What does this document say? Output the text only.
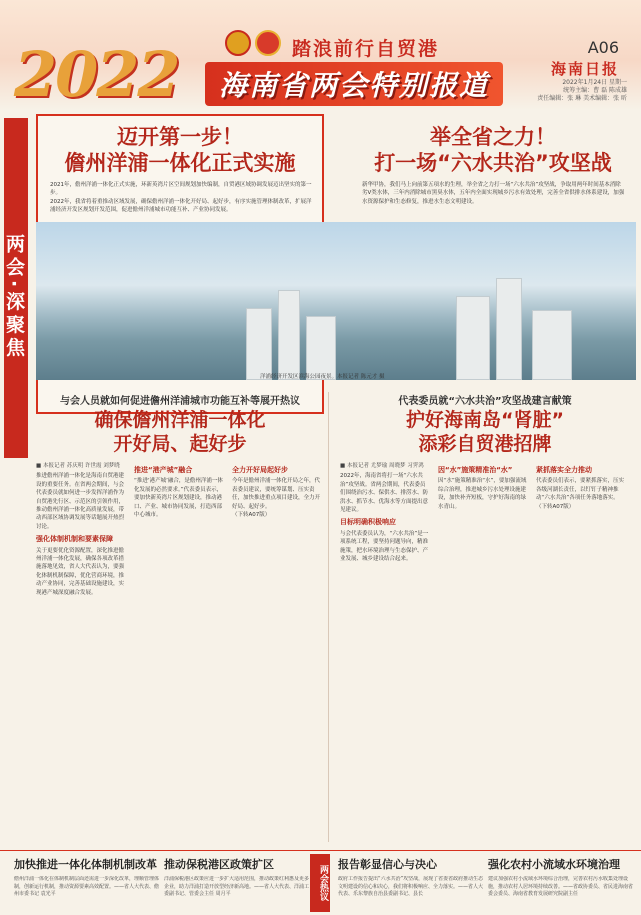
2022	踏浪前行自贸港
海南省两会特别报道
A06
海南日报
2022年1月24日 星期一
统筹主编：曹 磊 陈成雄
责任编辑：张 琳 美术编辑：张 昕
两会·深聚焦
迈开第一步！
儋州洋浦一体化正式实施

2021年，儋州洋浦一体化正式实施，环新英湾片区空间规划加快编制，自贸港区域协调发展迈出坚实的第一步。

2022年，我省将着重推动区域发展，确保儋州洋浦一体化开好局、起好步，有序实施管理体制改革，扩展洋浦经济开发区规划开发范围，促进儋州洋浦城市功能互补、产业协同发展。

举全省之力！
打一场“六水共治”攻坚战
新华甲协，我们马上向前第五项水的生理，举全省之力打一场“六水共治”攻坚战，争取用两年时间基本消除劣V类水体，三年内消除城市黑臭水体，五年内全面实现城乡污水有效处理，完善全省供排水体系建设，加强水资源保护和生态修复，推进水生态文明建设。
洋浦经济开发区滨海公园夜景。本报记者 陈元才 摄
与会人员就如何促进儋州洋浦城市功能互补等展开热议
确保儋州洋浦一体化
开好局、起好步
代表委员就“六水共治”攻坚战建言献策
护好海南岛“肾脏”
添彩自贸港招牌
■ 本报记者 苏庆明 许世霞 刘梦晓

推进儋州洋浦一体化是海南自贸港建设的重要任务。在省两会期间，与会代表委员就如何进一步发挥洋浦作为自贸港先行区、示范区的引领作用，推动儋州洋浦一体化高质量发展，带动西部区域协调发展等话题展开热烈讨论。

强化体制机制和要素保障

关于更要优化资源配置，深化推进儋州洋浦一体化发展，确保各项改革措施落地见效，省人大代表认为，要强化体制机制保障，优化营商环境，推动产业协同，完善基础设施建设，实现港产城深度融合发展。

推进“港产城”融合

“推进‘港产城’融合，是儋州洋浦一体化发展的必然要求。”代表委员表示，要加快新英湾片区规划建设，推动港口、产业、城市协同发展，打造西部中心城市。

全力开好局起好步

今年是儋州洋浦一体化开局之年，代表委员建议，要统筹谋划、压实责任，加快推进重点项目建设，全力开好局、起好步。

（下转A07版）

■ 本报记者 尤梦瑜 周晓梦 习霁鸿

2022年，海南省将打一场“六水共治”攻坚战。省两会期间，代表委员们围绕治污水、保供水、排涝水、防洪水、抓节水、优海水等方面提出意见建议。

目标明确积极响应

与会代表委员认为，“六水共治”是一项系统工程，要坚持问题导向，精准施策，把水环境治理与生态保护、产业发展、城乡建设结合起来。

因“水”施策精准治“水”

因“水”施策精准治“水”，要加强流域综合治理，推进城乡污水处理设施建设，加快补齐短板，守护好海南的绿水青山。

紧抓落实全力推动

代表委员们表示，要紧抓落实，压实各级河湖长责任，以钉钉子精神推动“六水共治”各项任务落地落实。

（下转A07版）

两会热议
加快推进一体化体制机制改革
儋州洋浦一体化在体制机制层面还需进一步深化改革，理顺管理体制，创新运行机制，推动资源要素高效配置。——省人大代表、儋州市委书记 袁光平
推动保税港区政策扩区
洋浦保税港区政策应进一步扩大适用范围，推动政策红利惠及更多企业，助力洋浦打造开放型经济新高地。——省人大代表、洋浦工委副书记、管委会主任 周月平
报告彰显信心与决心
政府工作报告提出“六水共治”攻坚战，展现了省委省政府推动生态文明建设的信心和决心，我们将积极响应、全力落实。——省人大代表、乐东黎族自治县委副书记、县长
强化农村小流域水环境治理
建议加强农村小流域水环境综合治理，完善农村污水收集处理设施，推动农村人居环境持续改善。——省政协委员、省民进海南省委会委员、海南省教育发展研究院副主任
